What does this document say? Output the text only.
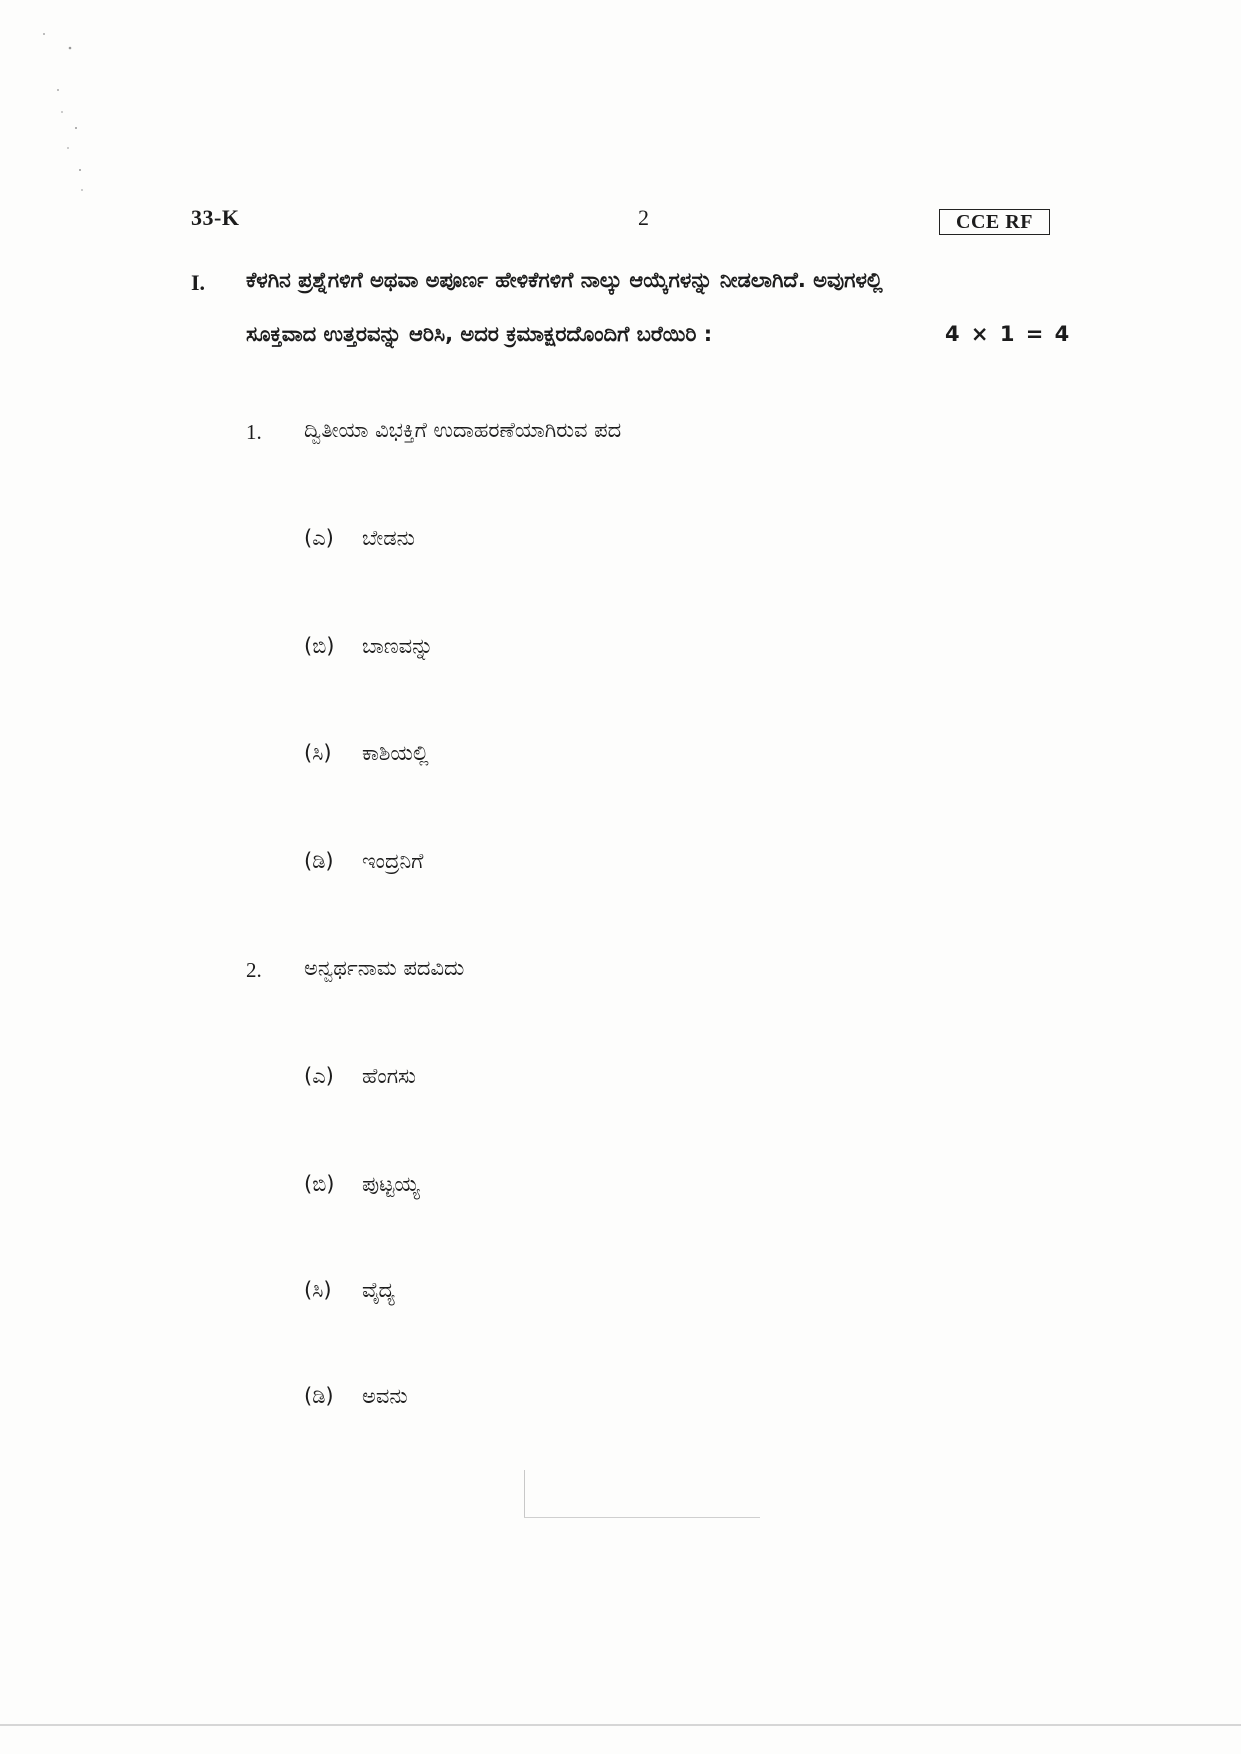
33-K	2	CCE RF
I. ಕೆಳಗಿನ ಪ್ರಶ್ನೆಗಳಿಗೆ ಅಥವಾ ಅಪೂರ್ಣ ಹೇಳಿಕೆಗಳಿಗೆ ನಾಲ್ಕು ಆಯ್ಕೆಗಳನ್ನು ನೀಡಲಾಗಿದೆ. ಅವುಗಳಲ್ಲಿ
ಸೂಕ್ತವಾದ ಉತ್ತರವನ್ನು ಆರಿಸಿ, ಅದರ ಕ್ರಮಾಕ್ಷರದೊಂದಿಗೆ ಬರೆಯಿರಿ :	4 × 1 = 4
1. ದ್ವಿತೀಯಾ ವಿಭಕ್ತಿಗೆ ಉದಾಹರಣೆಯಾಗಿರುವ ಪದ
(ಎ) ಬೇಡನು
(ಬಿ) ಬಾಣವನ್ನು
(ಸಿ) ಕಾಶಿಯಲ್ಲಿ
(ಡಿ) ಇಂದ್ರನಿಗೆ
2. ಅನ್ವರ್ಥನಾಮ ಪದವಿದು
(ಎ) ಹೆಂಗಸು
(ಬಿ) ಪುಟ್ಟಯ್ಯ
(ಸಿ) ವೈದ್ಯ
(ಡಿ) ಅವನು
